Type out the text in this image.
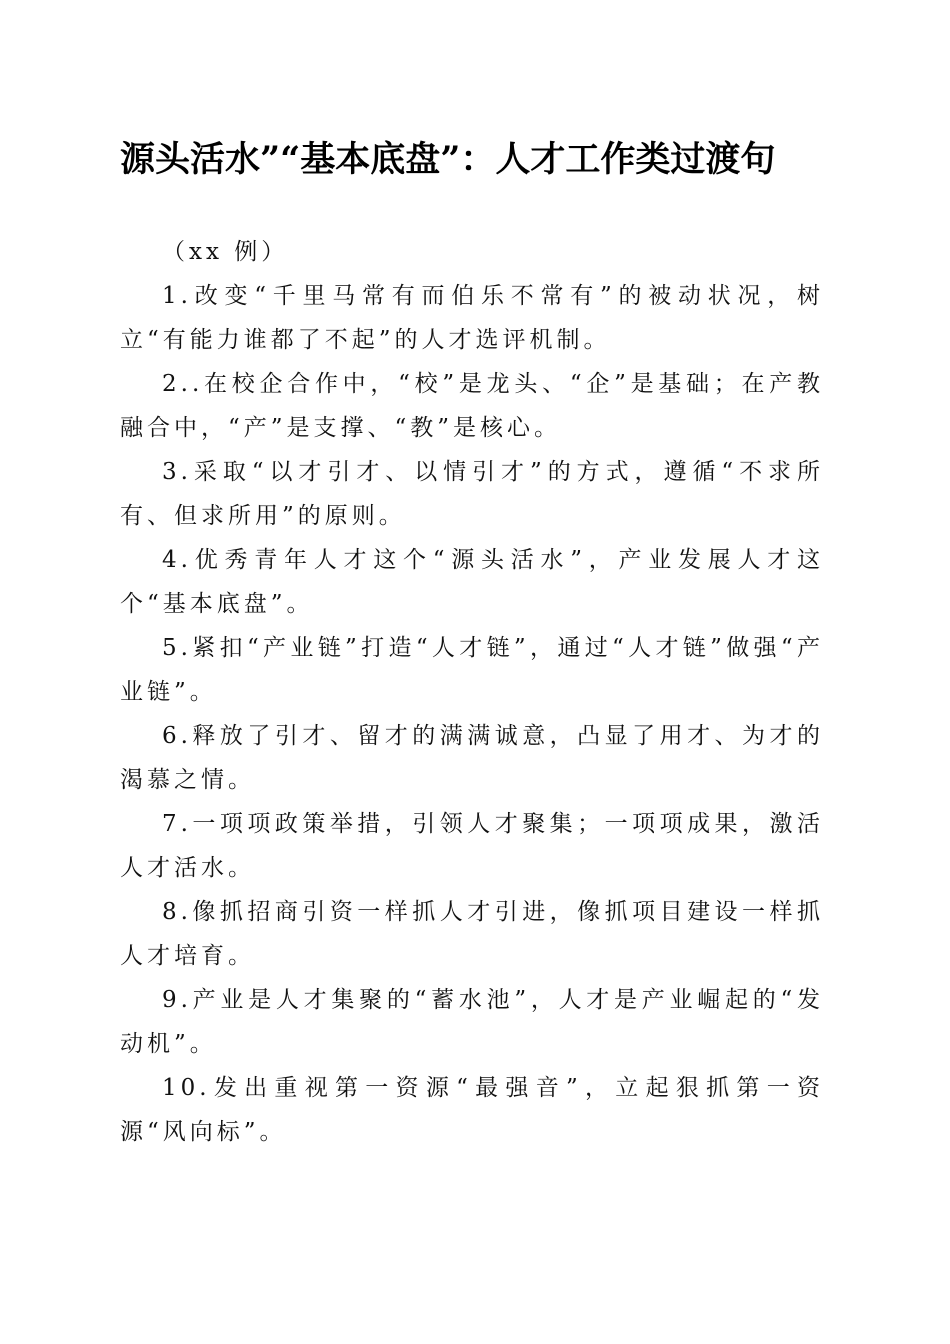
源头活水”“基本底盘”：人才工作类过渡句

（xx 例）

1.改变“千里马常有而伯乐不常有”的被动状况，树立“有能力谁都了不起”的人才选评机制。

2..在校企合作中，“校”是龙头、“企”是基础；在产教融合中，“产”是支撑、“教”是核心。

3.采取“以才引才、以情引才”的方式，遵循“不求所有、但求所用”的原则。

4.优秀青年人才这个“源头活水”，产业发展人才这个“基本底盘”。

5.紧扣“产业链”打造“人才链”，通过“人才链”做强“产业链”。

6.释放了引才、留才的满满诚意，凸显了用才、为才的渴慕之情。

7.一项项政策举措，引领人才聚集；一项项成果，激活人才活水。

8.像抓招商引资一样抓人才引进，像抓项目建设一样抓人才培育。

9.产业是人才集聚的“蓄水池”，人才是产业崛起的“发动机”。

10.发出重视第一资源“最强音”，立起狠抓第一资源“风向标”。
